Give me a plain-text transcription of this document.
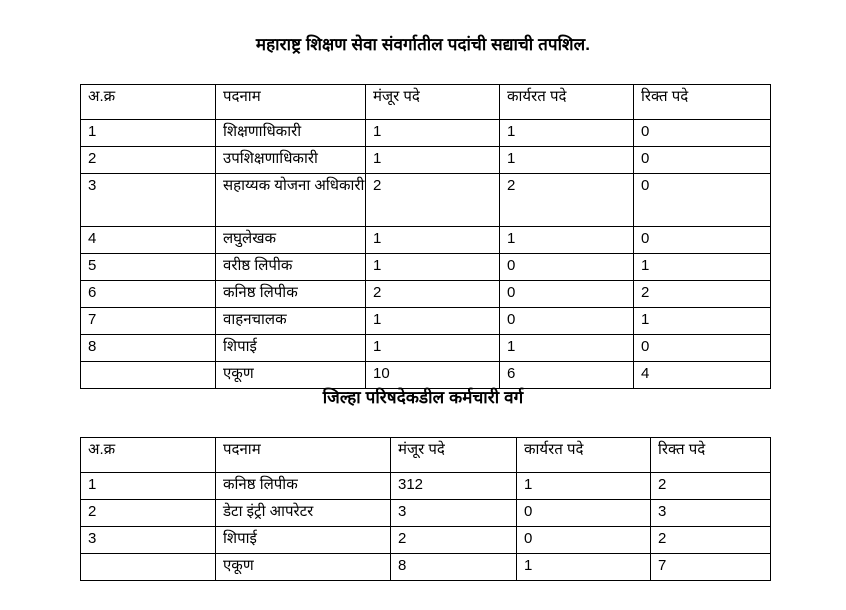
महाराष्ट्र शिक्षण सेवा संवर्गातील पदांची सद्याची तपशिल.
अ.क्र	पदनाम	मंजूर पदे	कार्यरत पदे	रिक्त पदे
1	शिक्षणाधिकारी	1	1	0
2	उपशिक्षणाधिकारी	1	1	0
3	सहाय्यक योजना अधिकारी	2	2	0
4	लघुलेखक	1	1	0
5	वरीष्ठ लिपीक	1	0	1
6	कनिष्ठ लिपीक	2	0	2
7	वाहनचालक	1	0	1
8	शिपाई	1	1	0
	एकूण	10	6	4
जिल्हा परिषदेकडील कर्मचारी वर्ग
अ.क्र	पदनाम	मंजूर पदे	कार्यरत पदे	रिक्त पदे
1	कनिष्ठ लिपीक	312	1	2
2	डेटा इंट्री आपरेटर	3	0	3
3	शिपाई	2	0	2
	एकूण	8	1	7
